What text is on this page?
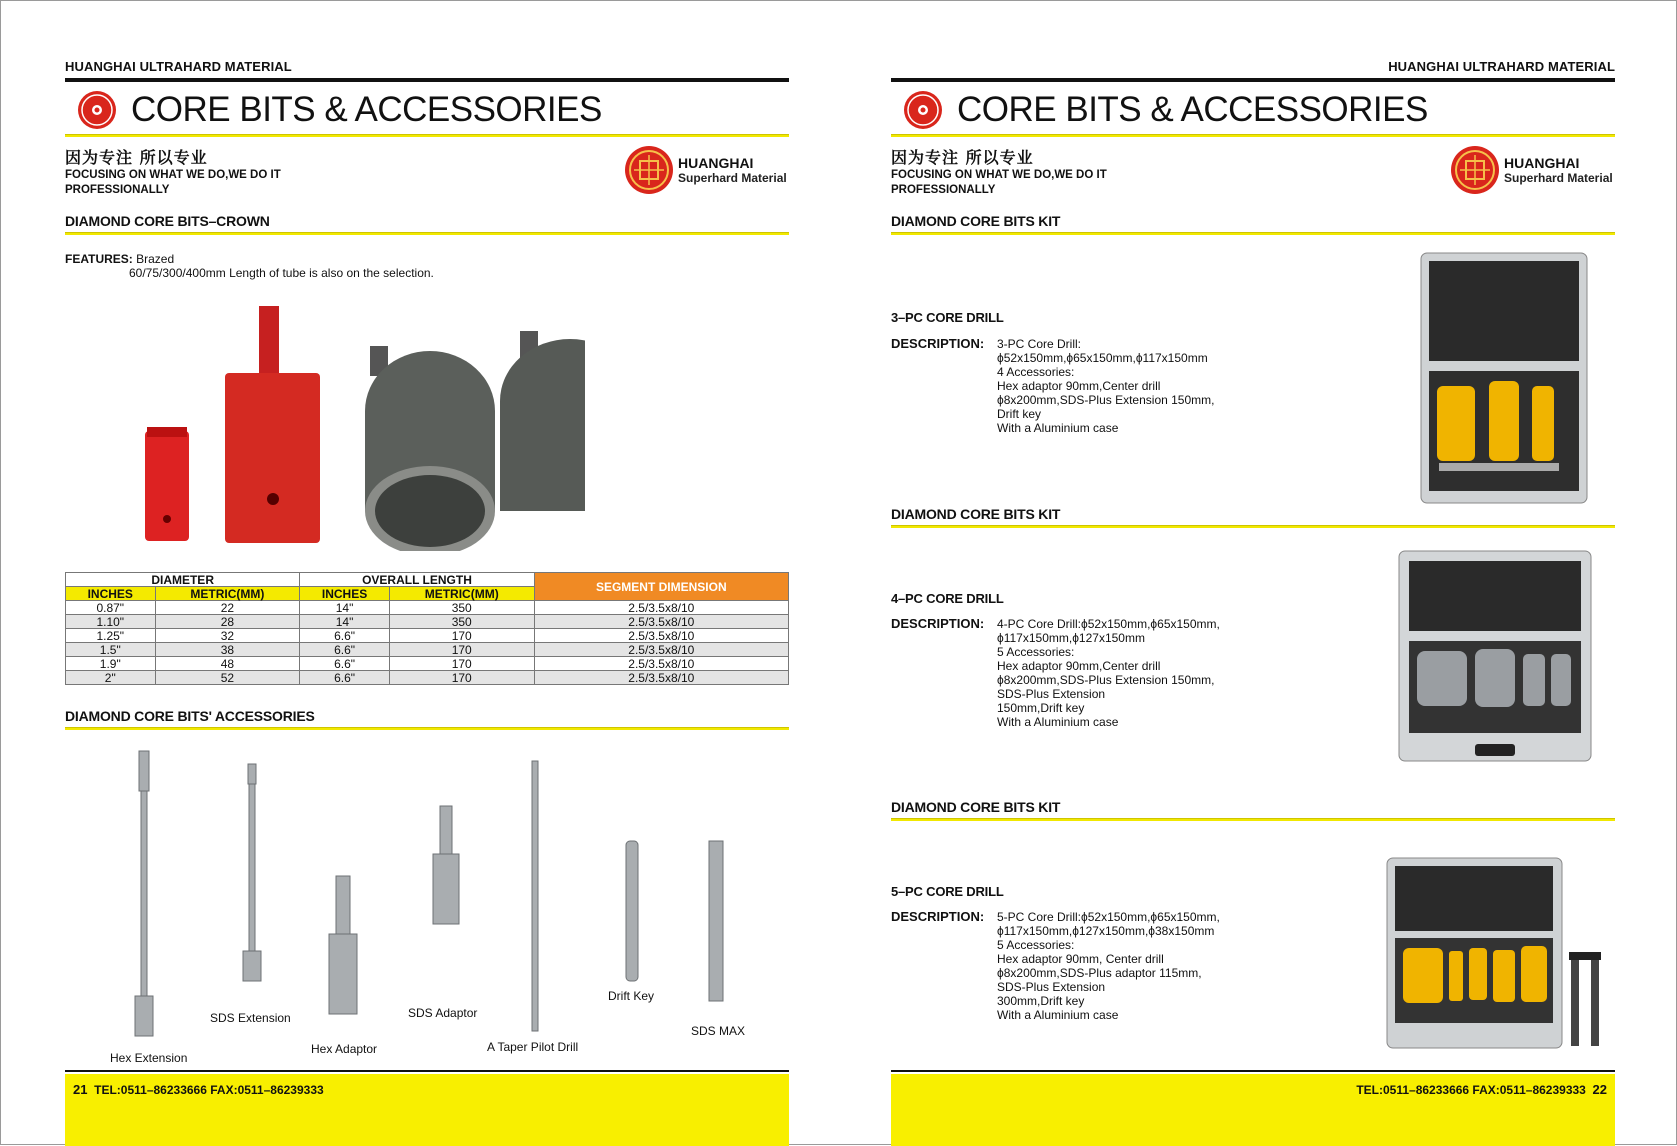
HUANGHAI ULTRAHARD MATERIAL
CORE BITS & ACCESSORIES
因为专注 所以专业
FOCUSING ON WHAT WE DO,WE DO IT
PROFESSIONALLY
HUANGHAI
Superhard Material
DIAMOND CORE BITS–CROWN
FEATURES: Brazed
60/75/300/400mm Length of tube is also on the selection.
DIAMETER		OVERALL LENGTH		SEGMENT DIMENSION
INCHES	METRIC(MM)	INCHES	METRIC(MM)	
0.87"	22	14"	350	2.5/3.5x8/10
1.10"	28	14"	350	2.5/3.5x8/10
1.25"	32	6.6"	170	2.5/3.5x8/10
1.5"	38	6.6"	170	2.5/3.5x8/10
1.9"	48	6.6"	170	2.5/3.5x8/10
2"	52	6.6"	170	2.5/3.5x8/10
DIAMOND CORE BITS' ACCESSORIES
Hex Extension
SDS Extension
Hex Adaptor
SDS Adaptor
A Taper Pilot Drill
Drift Key
SDS MAX
21 TEL:0511–86233666 FAX:0511–86239333
HUANGHAI ULTRAHARD MATERIAL
CORE BITS & ACCESSORIES
因为专注 所以专业
FOCUSING ON WHAT WE DO,WE DO IT
PROFESSIONALLY
HUANGHAI
Superhard Material
DIAMOND CORE BITS KIT
3–PC CORE DRILL
DESCRIPTION: 3-PC Core Drill:
ϕ52x150mm,ϕ65x150mm,ϕ117x150mm
4 Accessories:
Hex adaptor 90mm,Center drill
ϕ8x200mm,SDS-Plus Extension 150mm,
Drift key
With a Aluminium case
DIAMOND CORE BITS KIT
4–PC CORE DRILL
DESCRIPTION: 4-PC Core Drill:ϕ52x150mm,ϕ65x150mm,
ϕ117x150mm,ϕ127x150mm
5 Accessories:
Hex adaptor 90mm,Center drill
ϕ8x200mm,SDS-Plus Extension 150mm,
SDS-Plus Extension
150mm,Drift key
With a Aluminium case
DIAMOND CORE BITS KIT
5–PC CORE DRILL
DESCRIPTION: 5-PC Core Drill:ϕ52x150mm,ϕ65x150mm,
ϕ117x150mm,ϕ127x150mm,ϕ38x150mm
5 Accessories:
Hex adaptor 90mm, Center drill
ϕ8x200mm,SDS-Plus adaptor 115mm,
SDS-Plus Extension
300mm,Drift key
With a Aluminium case
TEL:0511–86233666 FAX:0511–86239333 22
